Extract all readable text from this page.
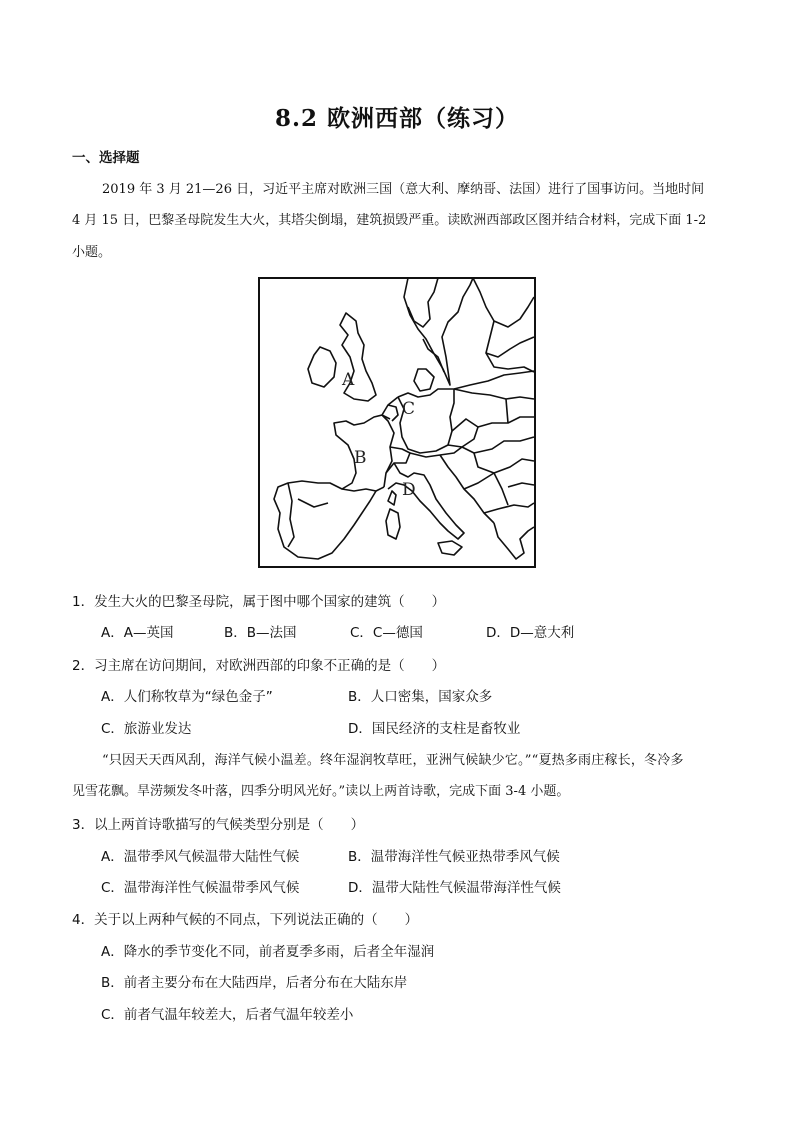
8.2 欧洲西部（练习）
一、选择题
2019 年 3 月 21—26 日，习近平主席对欧洲三国（意大利、摩纳哥、法国）进行了国事访问。当地时间
4 月 15 日，巴黎圣母院发生大火，其塔尖倒塌，建筑损毁严重。读欧洲西部政区图并结合材料，完成下面 1-2
小题。
A
B
C
D
1．发生大火的巴黎圣母院，属于图中哪个国家的建筑（　　）
A．A—英国	B．B—法国	C．C—德国	D．D—意大利
2．习主席在访问期间，对欧洲西部的印象不正确的是（　　）
A．人们称牧草为“绿色金子”	B．人口密集，国家众多
C．旅游业发达	D．国民经济的支柱是畜牧业
“只因天天西风刮，海洋气候小温差。终年湿润牧草旺，亚洲气候缺少它。”“夏热多雨庄稼长，冬冷多
见雪花飘。旱涝频发冬叶落，四季分明风光好。”读以上两首诗歌，完成下面 3-4 小题。
3．以上两首诗歌描写的气候类型分别是（　　）
A．温带季风气候温带大陆性气候	B．温带海洋性气候亚热带季风气候
C．温带海洋性气候温带季风气候	D．温带大陆性气候温带海洋性气候
4．关于以上两种气候的不同点，下列说法正确的（　　）
A．降水的季节变化不同，前者夏季多雨，后者全年湿润
B．前者主要分布在大陆西岸，后者分布在大陆东岸
C．前者气温年较差大，后者气温年较差小
